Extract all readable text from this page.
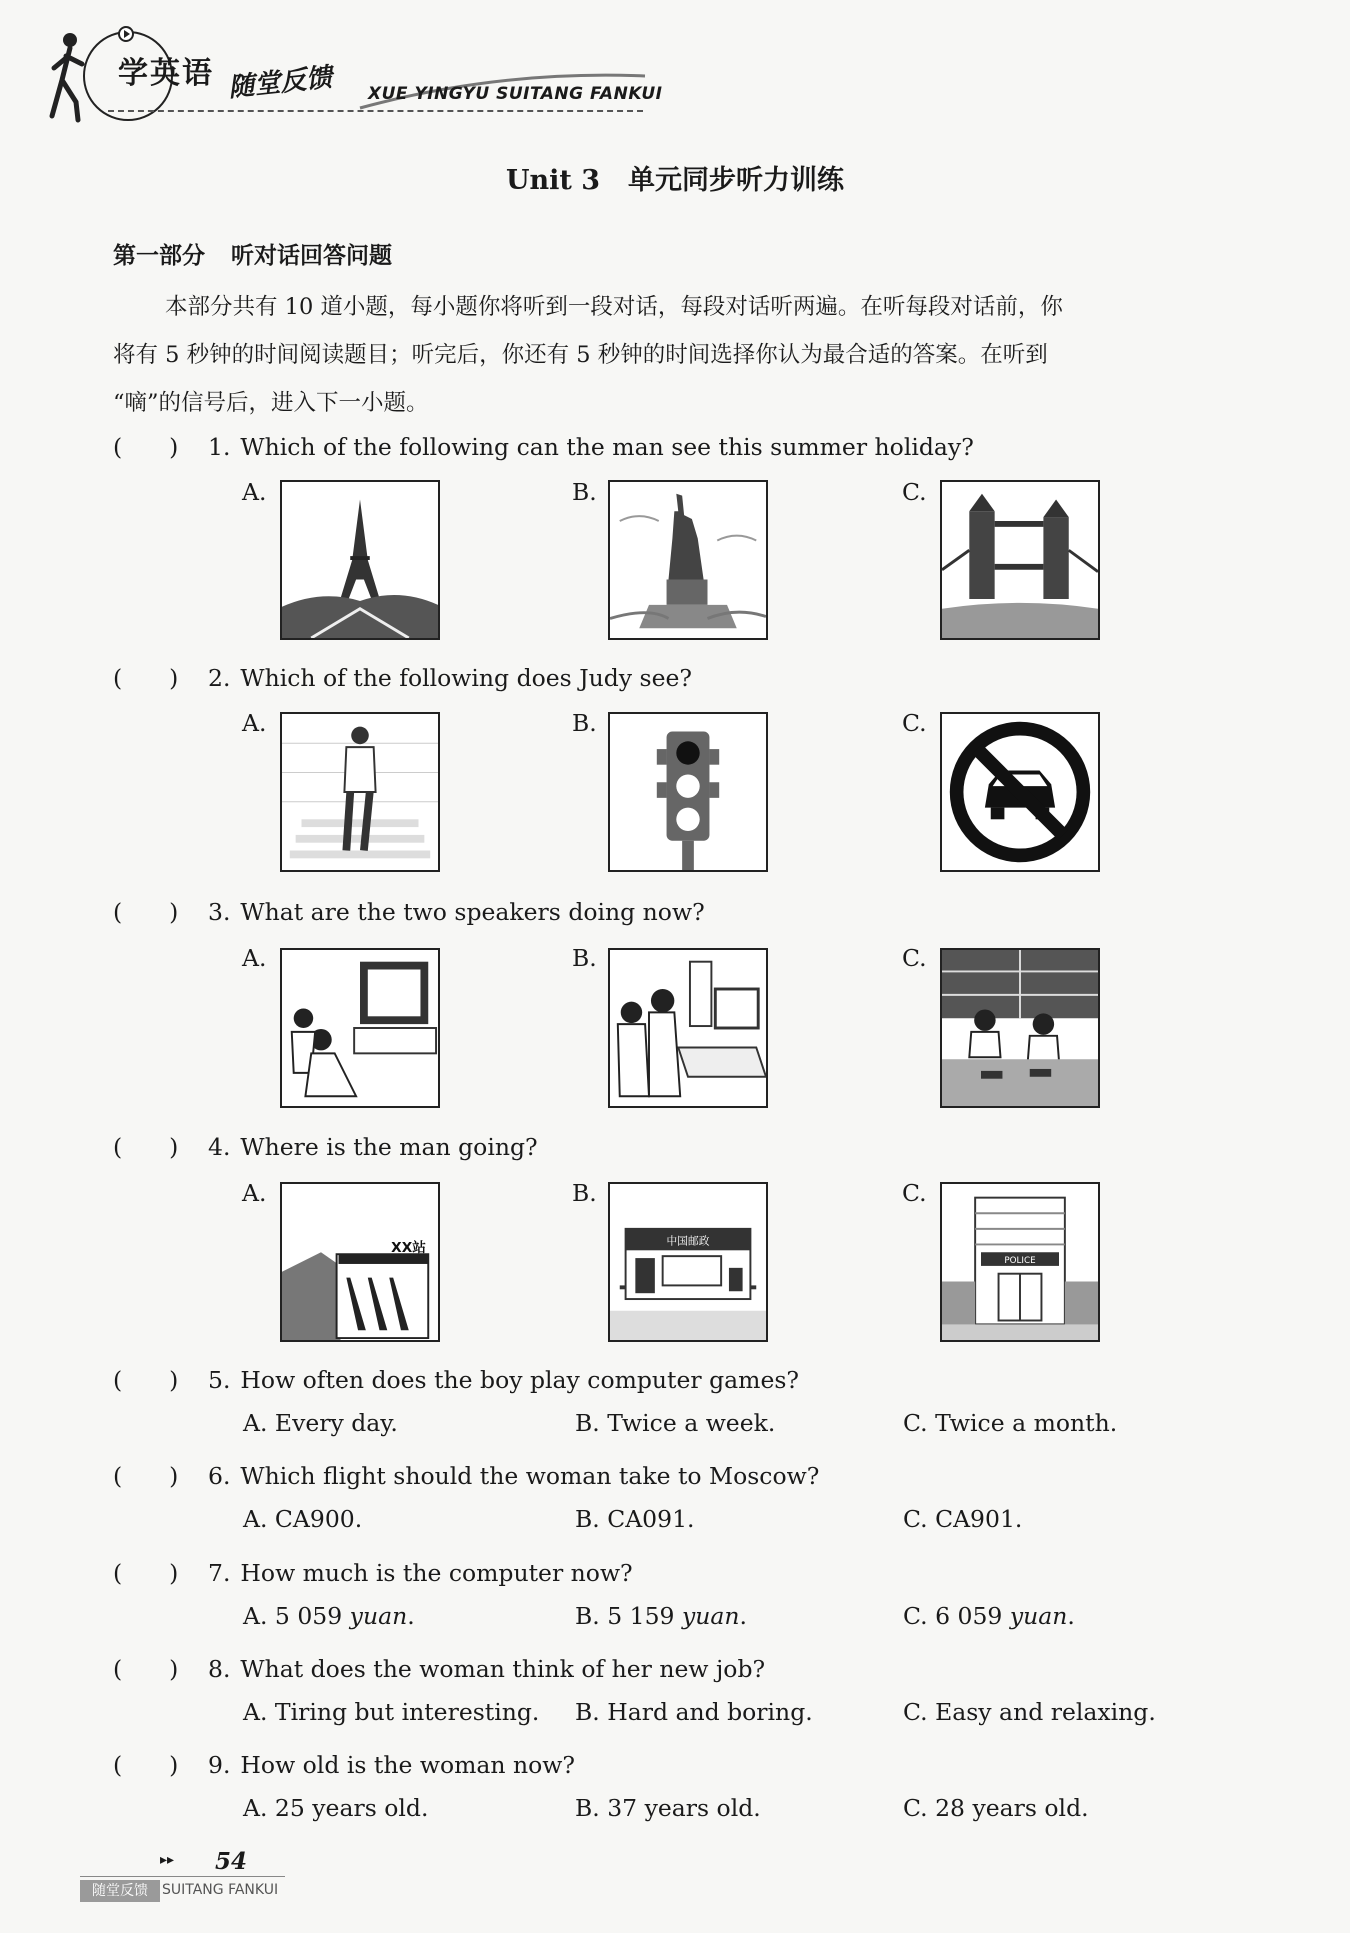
学英语 随堂反馈 XUE YINGYU SUITANG FANKUI
Unit 3 单元同步听力训练
第一部分 听对话回答问题
本部分共有 10 道小题，每小题你将听到一段对话，每段对话听两遍。在听每段对话前，你
将有 5 秒钟的时间阅读题目；听完后，你还有 5 秒钟的时间选择你认为最合适的答案。在听到
“嘀”的信号后，进入下一小题。
(　　) 1. Which of the following can the man see this summer holiday?
A.	B.	C.
(　　) 2. Which of the following does Judy see?
A.	B.	C.
(　　) 3. What are the two speakers doing now?
A.	B.	C.
(　　) 4. Where is the man going?
A.
XX站
B.
中国邮政
C.
POLICE
(　　) 5. How often does the boy play computer games?
A. Every day.	B. Twice a week.	C. Twice a month.
(　　) 6. Which flight should the woman take to Moscow?
A. CA900.	B. CA091.	C. CA901.
(　　) 7. How much is the computer now?
A. 5 059 yuan.	B. 5 159 yuan.	C. 6 059 yuan.
(　　) 8. What does the woman think of her new job?
A. Tiring but interesting. B. Hard and boring.	C. Easy and relaxing.
(　　) 9. How old is the woman now?
A. 25 years old.	B. 37 years old.	C. 28 years old.
▸▸ 54
随堂反馈	SUITANG FANKUI
